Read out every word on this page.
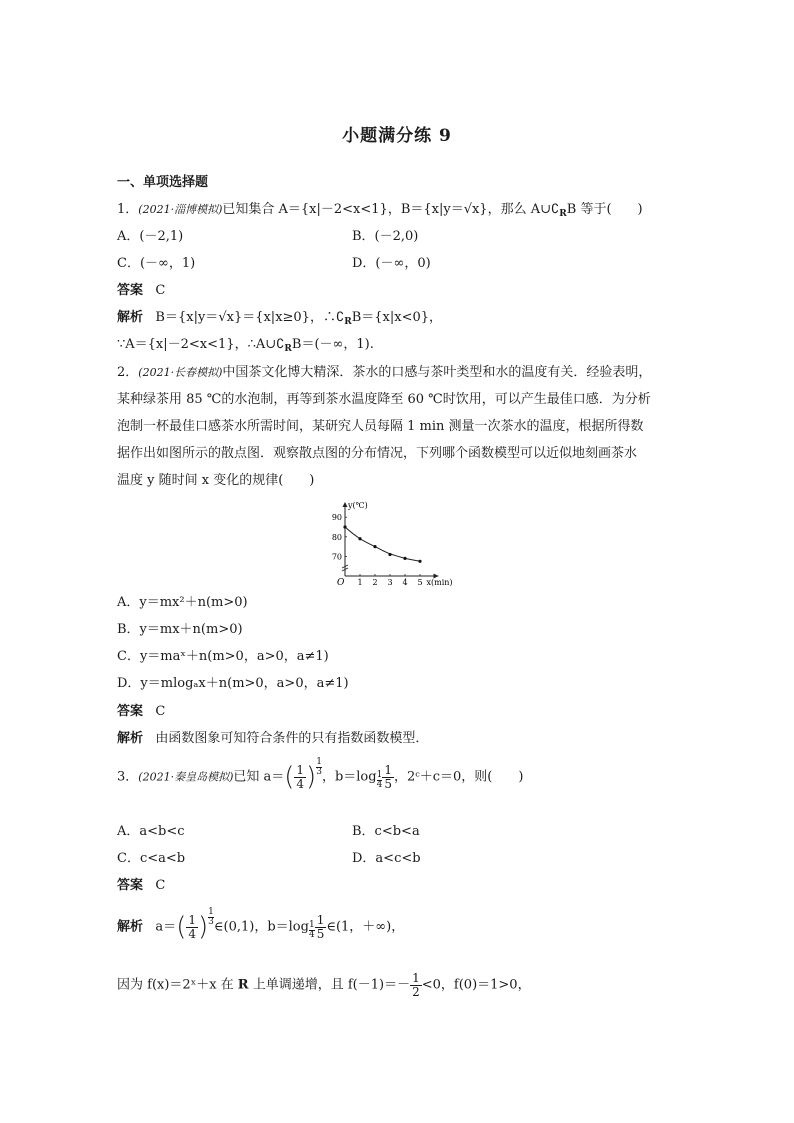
小题满分练 9
一、单项选择题
1．(2021·淄博模拟)已知集合 A＝{x|－2<x<1}，B＝{x|y＝√x}，那么 $A\cup∁_RB$ 等于(　　)
A．(－2,1)	B．(－2,0)
C．(－∞，1)	D．(－∞，0)
答案 C
解析 B＝{x|y＝√x}＝{x|x≥0}，$\therefore∁_RB=\{x|x<0\}$，
∵A＝{x|－2<x<1}，$\therefore A\cup∁_RB=(-\infty$，1).
2．(2021·长春模拟)中国茶文化博大精深．茶水的口感与茶叶类型和水的温度有关．经验表明，
某种绿茶用 85 ℃的水泡制，再等到茶水温度降至 60 ℃时饮用，可以产生最佳口感．为分析
泡制一杯最佳口感茶水所需时间，某研究人员每隔 1 min 测量一次茶水的温度，根据所得数
据作出如图所示的散点图．观察散点图的分布情况，下列哪个函数模型可以近似地刻画茶水
温度 y 随时间 x 变化的规律(　　)
1 2 3 4 5
70
80
90
O
y(℃)
x(min)
A．y＝mx²＋n(m>0)
B．y＝mx＋n(m>0)
C．y＝maˣ＋n(m>0，a>0，a≠1)
D．y＝mlogₐx＋n(m>0，a>0，a≠1)
答案 C
解析 由函数图象可知符合条件的只有指数函数模型．
3．(2021·秦皇岛模拟)已知 $a=( \frac{1}{4}$ ) $\frac{1}{3}$，$b=\log \frac{1}{4} \frac{1}{5}$ ，2ᶜ＋c＝0，则(　　)
A．a<b<c	B．c<b<a
C．c<a<b	D．a<c<b
答案 C
解析 $a=( \frac{1}{4}$ ) $\frac{1}{3}\in(0,1)$，$b=\log \frac{1}{4} \frac{1}{5}$ ∈(1，＋∞)，
因为 f(x)＝2ˣ＋x 在 R 上单调递增，且 $f(-1)=- \frac{1}{2} <0$，f(0)＝1>0，
